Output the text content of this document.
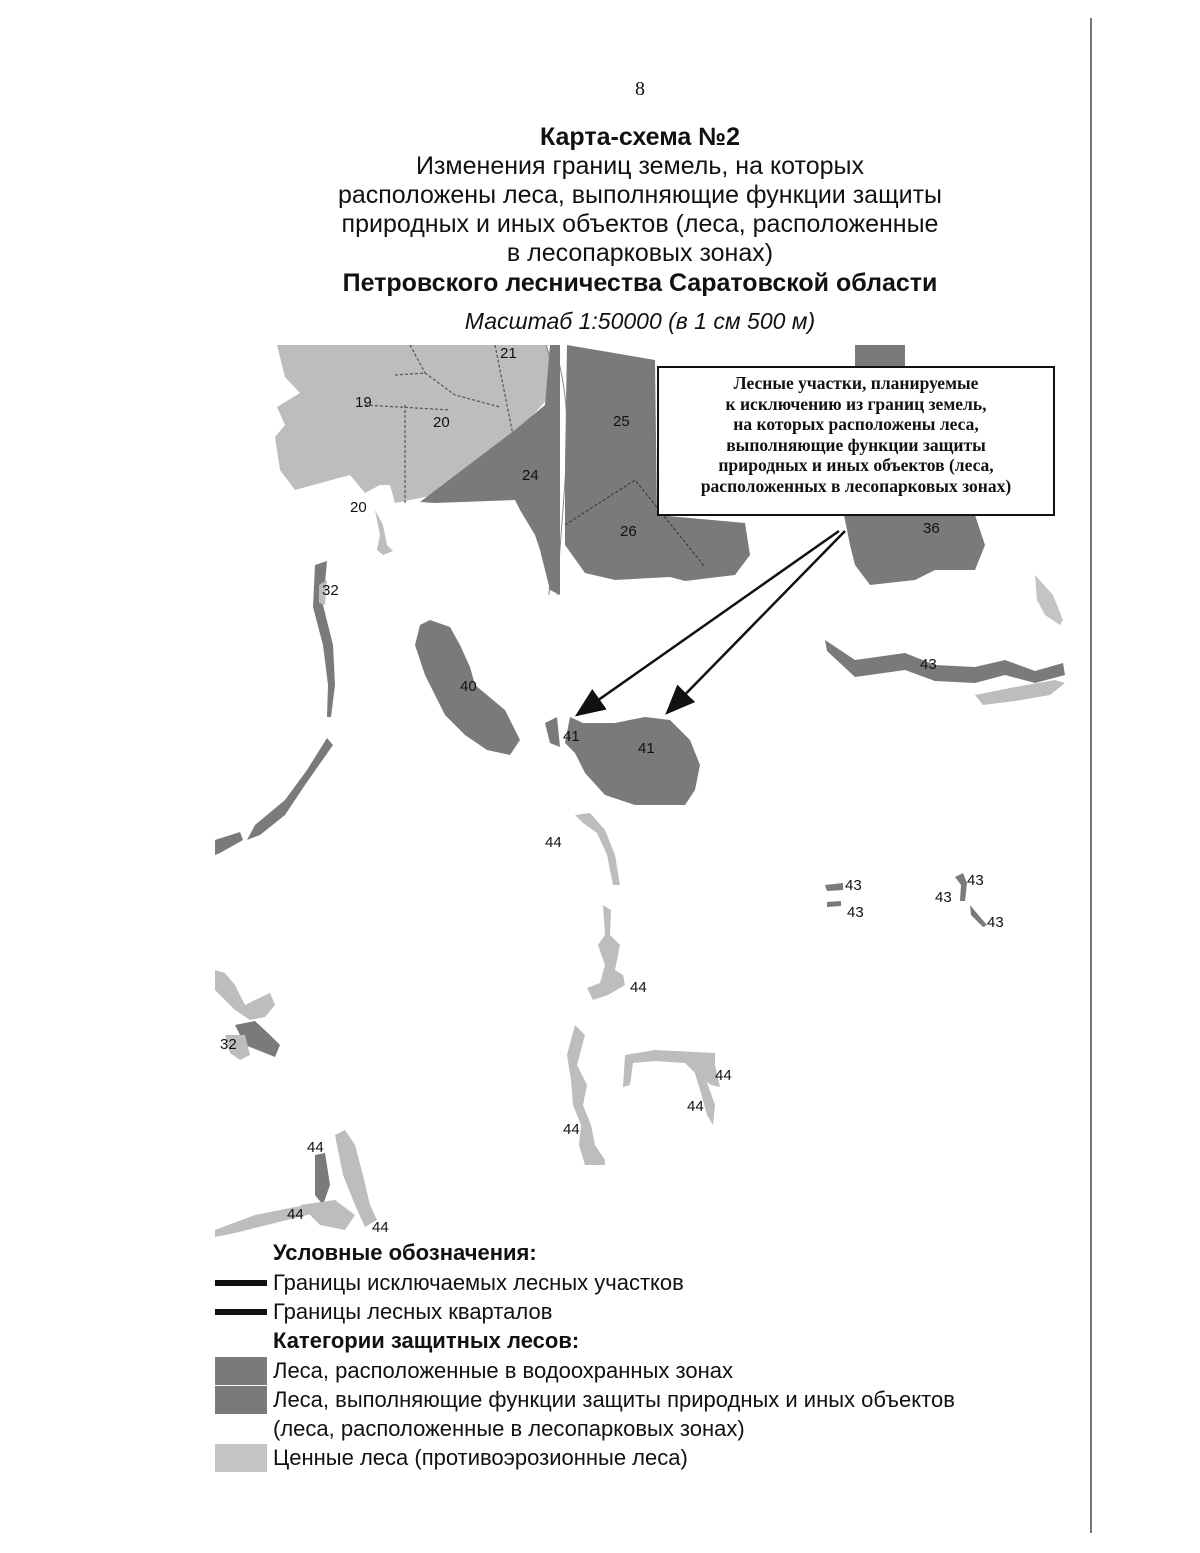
8
Карта-схема №2
Изменения границ земель, на которых
расположены леса, выполняющие функции защиты
природных и иных объектов (леса, расположенные
в лесопарковых зонах)
Петровского лесничества Саратовской области
Масштаб 1:50000 (в 1 см 500 м)
21
19
20
20
25
24
26	36
32
43
40
41
41
44
43
43
43
43
43
44
32
44
44
44
44
44
44
Лесные участки, планируемые
к исключению из границ земель,
на которых расположены леса,
выполняющие функции защиты
природных и иных объектов (леса,
расположенных в лесопарковых зонах)
Условные обозначения:
Границы исключаемых лесных участков
Границы лесных кварталов
Категории защитных лесов:
Леса, расположенные в водоохранных зонах
Леса, выполняющие функции защиты природных и иных объектов
(леса, расположенные в лесопарковых зонах)
Ценные леса (противоэрозионные леса)
